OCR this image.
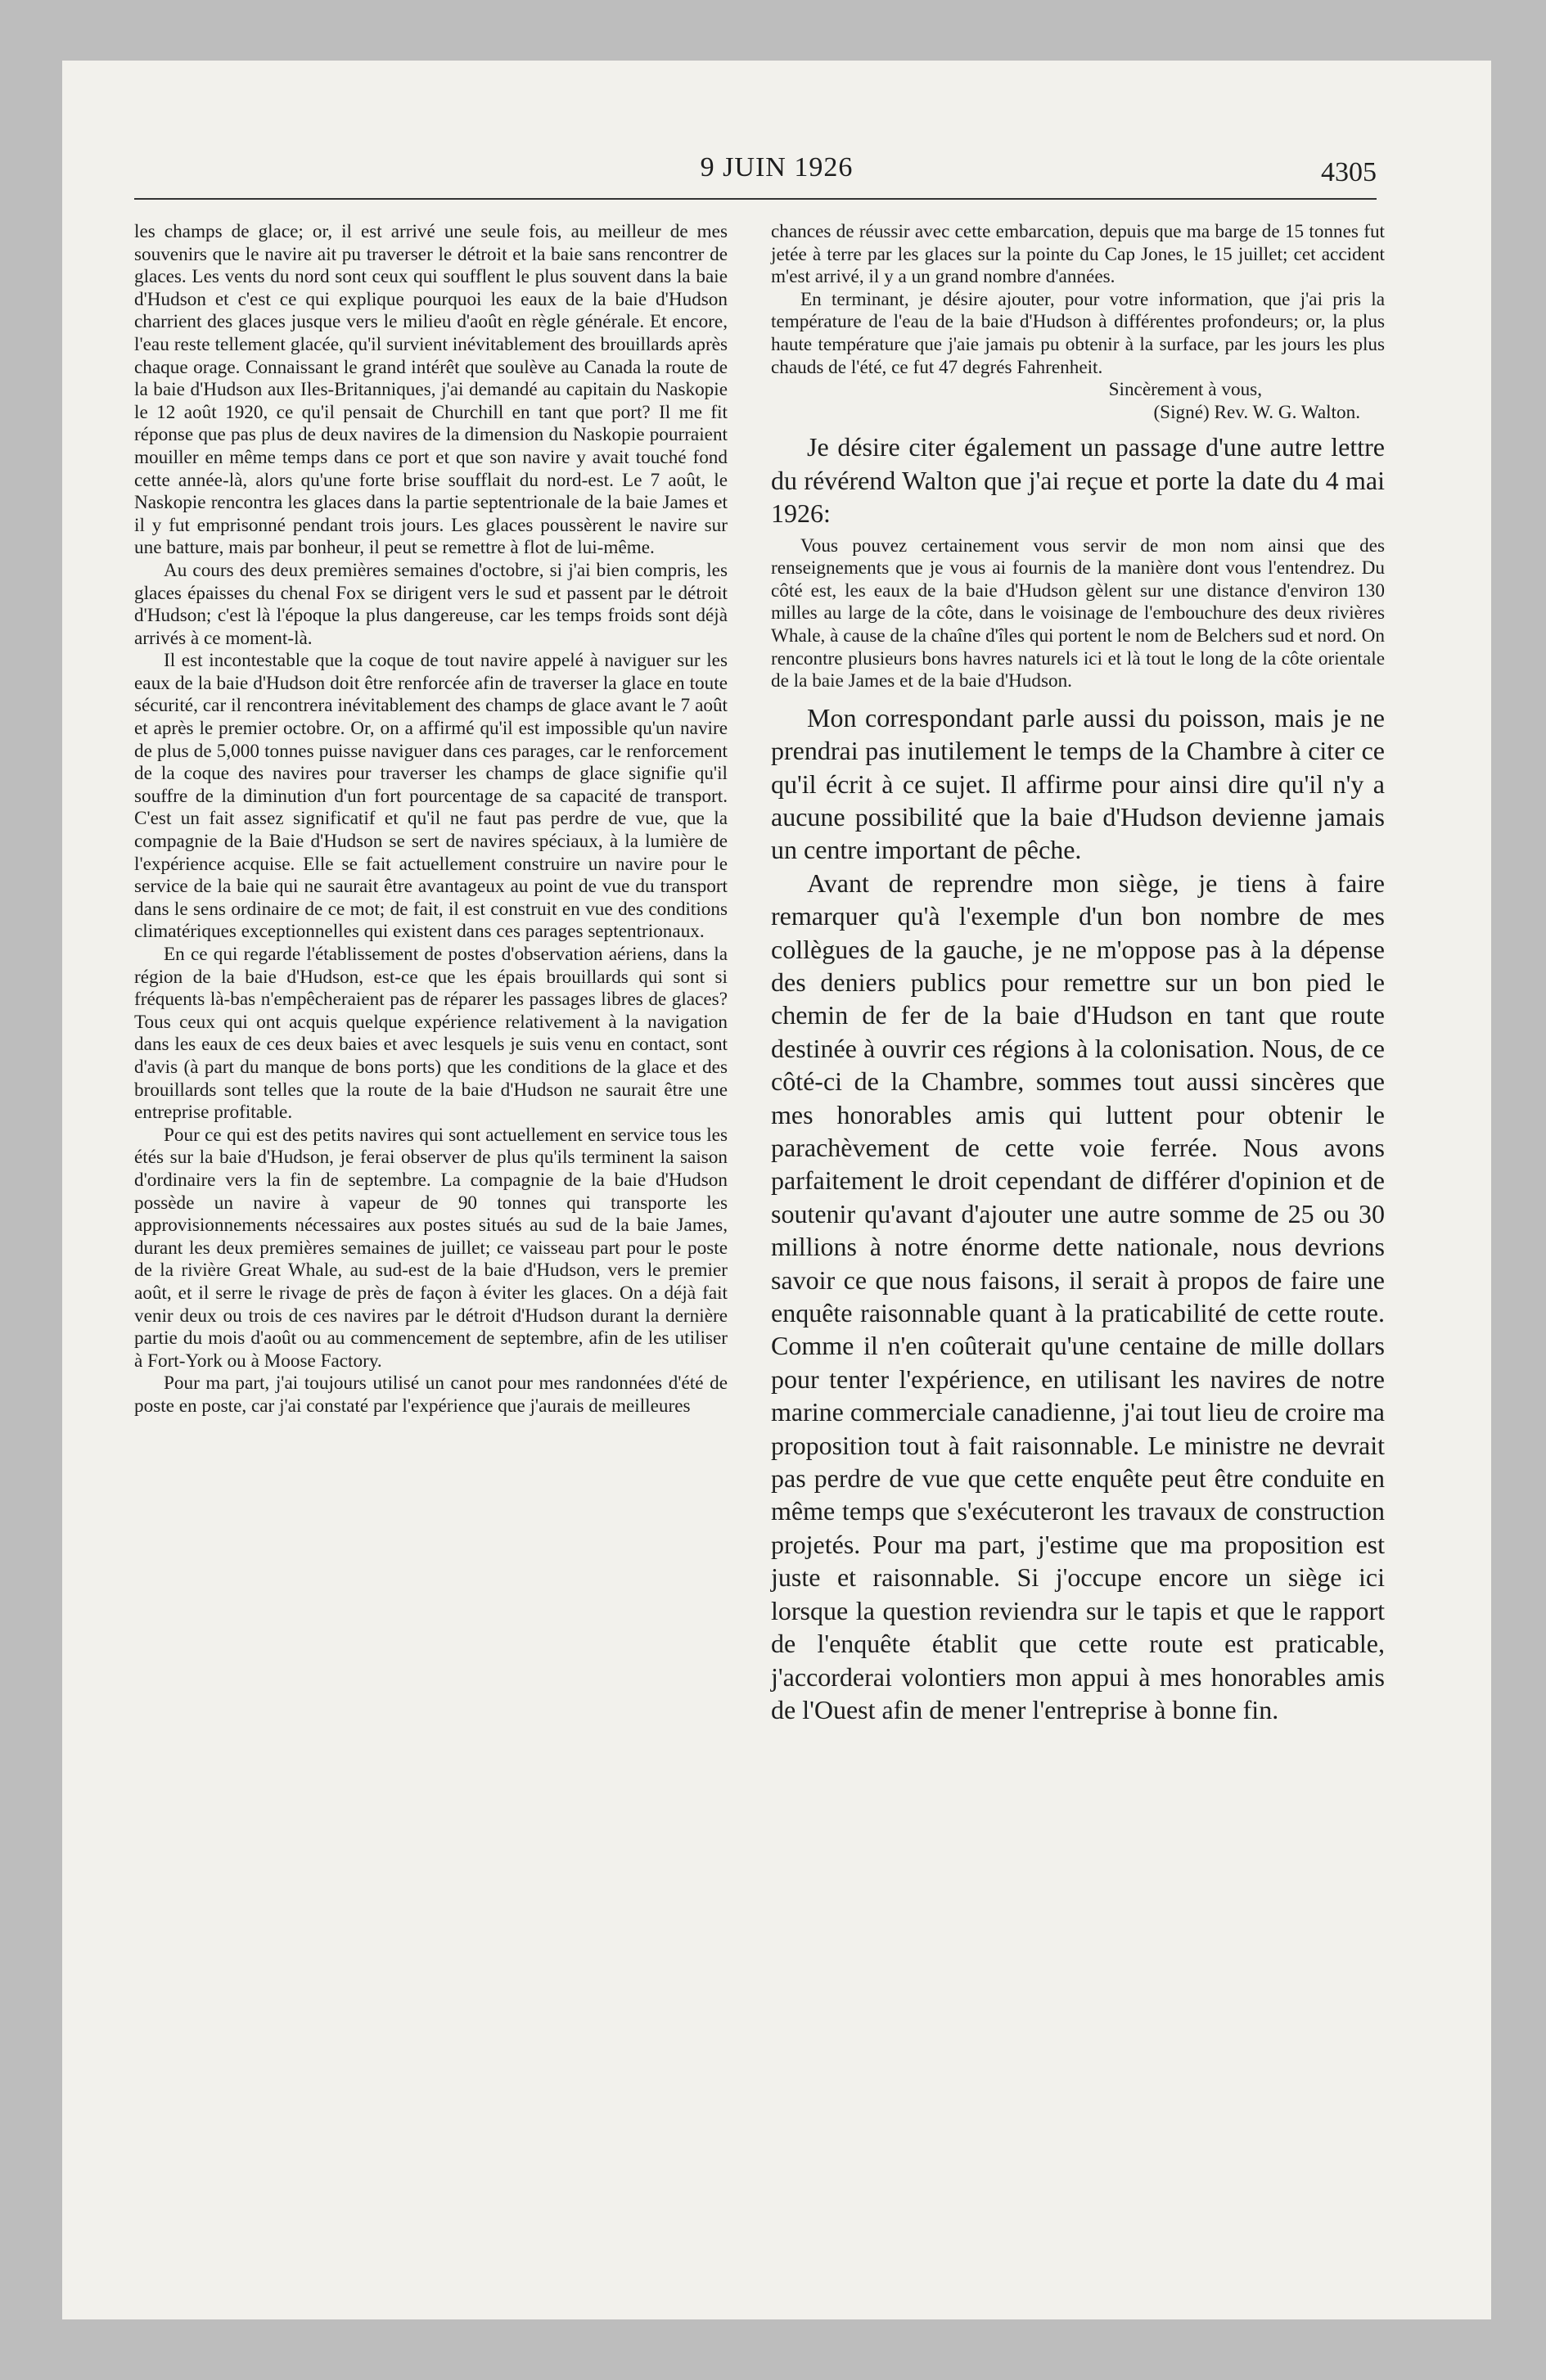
9 JUIN 1926	4305

les champs de glace; or, il est arrivé une seule fois, au meilleur de mes souvenirs que le navire ait pu traverser le détroit et la baie sans rencontrer de glaces. Les vents du nord sont ceux qui soufflent le plus souvent dans la baie d'Hudson et c'est ce qui explique pourquoi les eaux de la baie d'Hudson charrient des glaces jusque vers le milieu d'août en règle générale. Et encore, l'eau reste tellement glacée, qu'il survient inévitablement des brouillards après chaque orage. Connaissant le grand intérêt que soulève au Canada la route de la baie d'Hudson aux Iles-Britanniques, j'ai demandé au capitain du Naskopie le 12 août 1920, ce qu'il pensait de Churchill en tant que port? Il me fit réponse que pas plus de deux navires de la dimension du Naskopie pourraient mouiller en même temps dans ce port et que son navire y avait touché fond cette année-là, alors qu'une forte brise soufflait du nord-est. Le 7 août, le Naskopie rencontra les glaces dans la partie septentrionale de la baie James et il y fut emprisonné pendant trois jours. Les glaces poussèrent le navire sur une batture, mais par bonheur, il peut se remettre à flot de lui-même.

Au cours des deux premières semaines d'octobre, si j'ai bien compris, les glaces épaisses du chenal Fox se dirigent vers le sud et passent par le détroit d'Hudson; c'est là l'époque la plus dangereuse, car les temps froids sont déjà arrivés à ce moment-là.

Il est incontestable que la coque de tout navire appelé à naviguer sur les eaux de la baie d'Hudson doit être renforcée afin de traverser la glace en toute sécurité, car il rencontrera inévitablement des champs de glace avant le 7 août et après le premier octobre. Or, on a affirmé qu'il est impossible qu'un navire de plus de 5,000 tonnes puisse naviguer dans ces parages, car le renforcement de la coque des navires pour traverser les champs de glace signifie qu'il souffre de la diminution d'un fort pourcentage de sa capacité de transport. C'est un fait assez significatif et qu'il ne faut pas perdre de vue, que la compagnie de la Baie d'Hudson se sert de navires spéciaux, à la lumière de l'expérience acquise. Elle se fait actuellement construire un navire pour le service de la baie qui ne saurait être avantageux au point de vue du transport dans le sens ordinaire de ce mot; de fait, il est construit en vue des conditions climatériques exceptionnelles qui existent dans ces parages septentrionaux.

En ce qui regarde l'établissement de postes d'observation aériens, dans la région de la baie d'Hudson, est-ce que les épais brouillards qui sont si fréquents là-bas n'empêcheraient pas de réparer les passages libres de glaces? Tous ceux qui ont acquis quelque expérience relativement à la navigation dans les eaux de ces deux baies et avec lesquels je suis venu en contact, sont d'avis (à part du manque de bons ports) que les conditions de la glace et des brouillards sont telles que la route de la baie d'Hudson ne saurait être une entreprise profitable.

Pour ce qui est des petits navires qui sont actuellement en service tous les étés sur la baie d'Hudson, je ferai observer de plus qu'ils terminent la saison d'ordinaire vers la fin de septembre. La compagnie de la baie d'Hudson possède un navire à vapeur de 90 tonnes qui transporte les approvisionnements nécessaires aux postes situés au sud de la baie James, durant les deux premières semaines de juillet; ce vaisseau part pour le poste de la rivière Great Whale, au sud-est de la baie d'Hudson, vers le premier août, et il serre le rivage de près de façon à éviter les glaces. On a déjà fait venir deux ou trois de ces navires par le détroit d'Hudson durant la dernière partie du mois d'août ou au commencement de septembre, afin de les utiliser à Fort-York ou à Moose Factory.

Pour ma part, j'ai toujours utilisé un canot pour mes randonnées d'été de poste en poste, car j'ai constaté par l'expérience que j'aurais de meilleures

chances de réussir avec cette embarcation, depuis que ma barge de 15 tonnes fut jetée à terre par les glaces sur la pointe du Cap Jones, le 15 juillet; cet accident m'est arrivé, il y a un grand nombre d'années.

En terminant, je désire ajouter, pour votre information, que j'ai pris la température de l'eau de la baie d'Hudson à différentes profondeurs; or, la plus haute température que j'aie jamais pu obtenir à la surface, par les jours les plus chauds de l'été, ce fut 47 degrés Fahrenheit.

Sincèrement à vous,

(Signé) Rev. W. G. Walton.

Je désire citer également un passage d'une autre lettre du révérend Walton que j'ai reçue et porte la date du 4 mai 1926:

Vous pouvez certainement vous servir de mon nom ainsi que des renseignements que je vous ai fournis de la manière dont vous l'entendrez. Du côté est, les eaux de la baie d'Hudson gèlent sur une distance d'environ 130 milles au large de la côte, dans le voisinage de l'embouchure des deux rivières Whale, à cause de la chaîne d'îles qui portent le nom de Belchers sud et nord. On rencontre plusieurs bons havres naturels ici et là tout le long de la côte orientale de la baie James et de la baie d'Hudson.

Mon correspondant parle aussi du poisson, mais je ne prendrai pas inutilement le temps de la Chambre à citer ce qu'il écrit à ce sujet. Il affirme pour ainsi dire qu'il n'y a aucune possibilité que la baie d'Hudson devienne jamais un centre important de pêche.

Avant de reprendre mon siège, je tiens à faire remarquer qu'à l'exemple d'un bon nombre de mes collègues de la gauche, je ne m'oppose pas à la dépense des deniers publics pour remettre sur un bon pied le chemin de fer de la baie d'Hudson en tant que route destinée à ouvrir ces régions à la colonisation. Nous, de ce côté-ci de la Chambre, sommes tout aussi sincères que mes honorables amis qui luttent pour obtenir le parachèvement de cette voie ferrée. Nous avons parfaitement le droit cependant de différer d'opinion et de soutenir qu'avant d'ajouter une autre somme de 25 ou 30 millions à notre énorme dette nationale, nous devrions savoir ce que nous faisons, il serait à propos de faire une enquête raisonnable quant à la praticabilité de cette route. Comme il n'en coûterait qu'une centaine de mille dollars pour tenter l'expérience, en utilisant les navires de notre marine commerciale canadienne, j'ai tout lieu de croire ma proposition tout à fait raisonnable. Le ministre ne devrait pas perdre de vue que cette enquête peut être conduite en même temps que s'exécuteront les travaux de construction projetés. Pour ma part, j'estime que ma proposition est juste et raisonnable. Si j'occupe encore un siège ici lorsque la question reviendra sur le tapis et que le rapport de l'enquête établit que cette route est praticable, j'accorderai volontiers mon appui à mes honorables amis de l'Ouest afin de mener l'entreprise à bonne fin.
